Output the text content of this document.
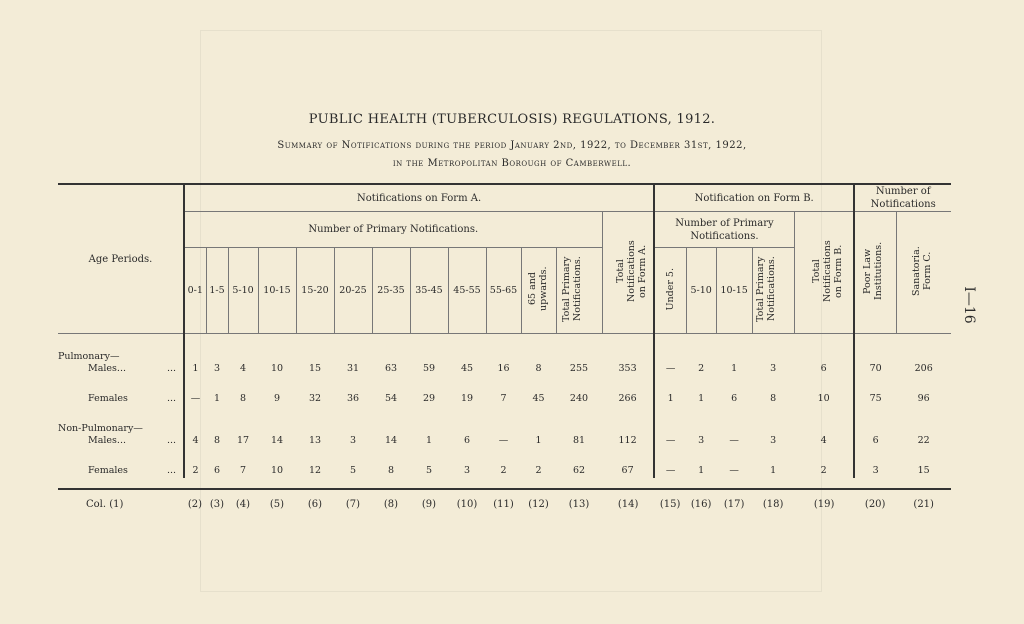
PUBLIC HEALTH (TUBERCULOSIS) REGULATIONS, 1912.
Summary of Notifications during the period January 2nd, 1922, to December 31st, 1922,
in the Metropolitan Borough of Camberwell.
I—16
Age Periods.	Notifications on Form A.													Notification on Form B.					Number of Notifications	
	Number of Primary Notifications.												Total Notifications on Form A.	Number of Primary Notifications.				Total Notifications on Form B.	Poor Law Institutions.	Sanatoria. Form C.
	0-1	1-5	5-10	10-15	15-20	20-25	25-35	35-45	45-55	55-65	65 and upwards.	Total Primary Notifications.		Under 5.	5-10	10-15	Total Primary Notifications.			

Pulmonary—
Males... ...	1	3	4	10	15	31	63	59	45	16	8	255	353	—	2	1	3	6	70	206

Females ...	—	1	8	9	32	36	54	29	19	7	45	240	266	1	1	6	8	10	75	96

Non-Pulmonary—
Males... ...	4	8	17	14	13	3	14	1	6	—	1	81	112	—	3	—	3	4	6	22

Females ...	2	6	7	10	12	5	8	5	3	2	2	62	67	—	1	—	1	2	3	15

Col. (1)	(2)	(3)	(4)	(5)	(6)	(7)	(8)	(9)	(10)	(11)	(12)	(13)	(14)	(15)	(16)	(17)	(18)	(19)	(20)	(21)
